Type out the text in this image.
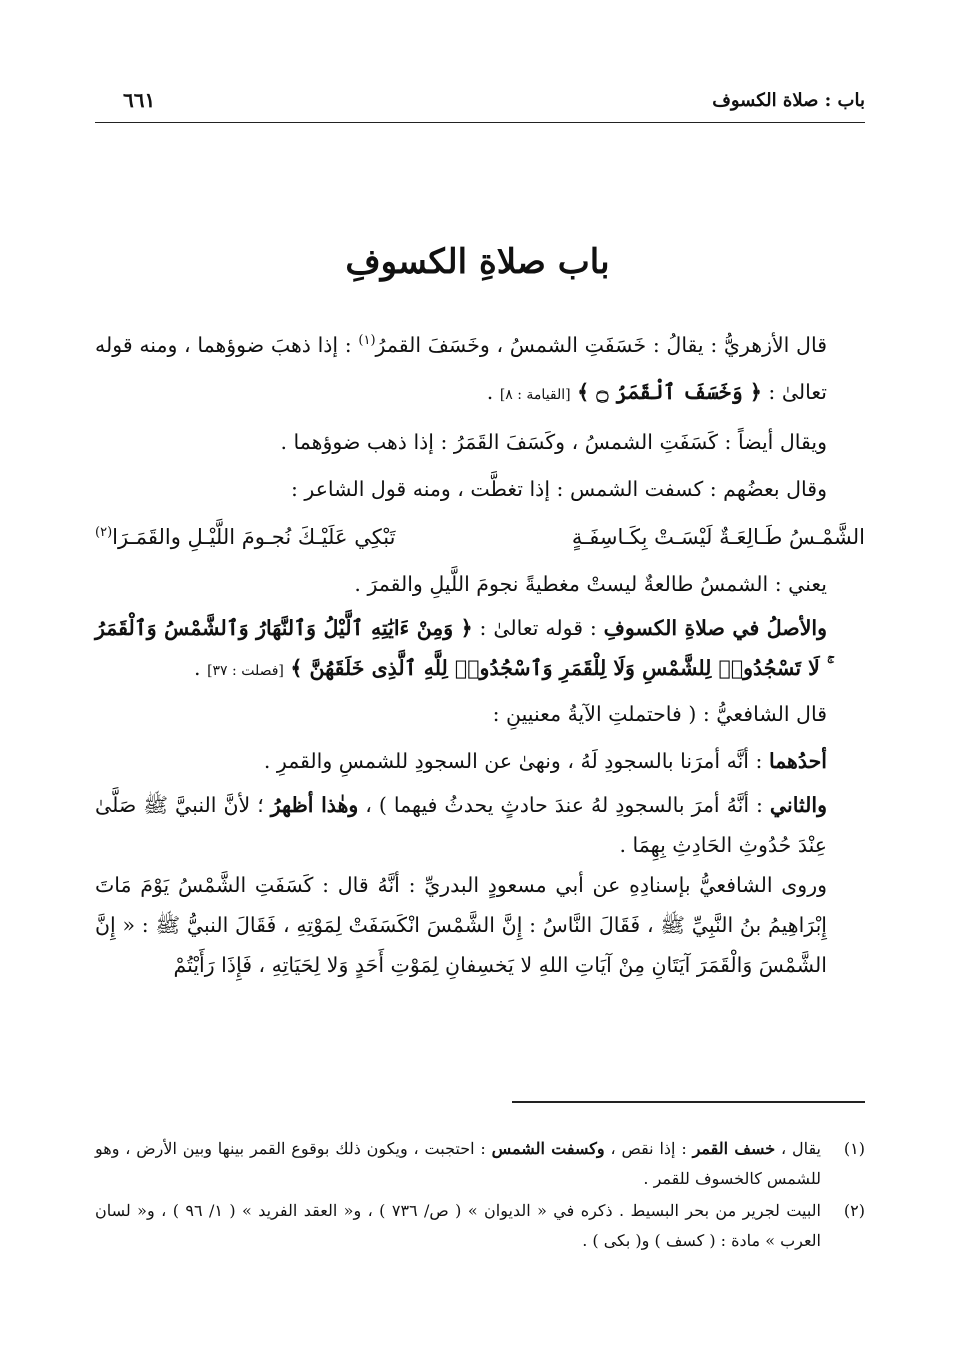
باب : صلاة الكسوف
٦٦١
باب صلاةِ الكسوفِ

قال الأزهريُّ : يقالُ : خَسَفَتِ الشمسُ ، وخَسَفَ القمرُ$^{(١)}$ : إذا ذهبَ ضوؤهما ، ومنه قوله تعالىٰ : ﴿ وَخَسَفَ ٱلْقَمَرُ ۝ ﴾ [القيامة : ٨] .

ويقال أيضاً : كَسَفَتِ الشمسُ ، وكَسَفَ القَمَرُ : إذا ذهب ضوؤهما .

وقال بعضُهم : كسفت الشمس : إذا تغطَّت ، ومنه قول الشاعر :

الشَّمْـسُ طَـالِعَـةٌ لَيْسَـتْ بِكَـاسِفَـةٍ
تَبْكِي عَلَيْـكَ نُجـومَ اللَّيْـلِ والقَمَـرَا$^{(٢)}$

يعني : الشمسُ طالعةٌ ليستْ مغطيةً نجومَ اللَّيلِ والقمرَ .

والأصلُ في صلاةِ الكسوفِ : قوله تعالىٰ : ﴿ وَمِنْ ءَايَٰتِهِ ٱلَّيْلُ وَٱلنَّهَارُ وَٱلشَّمْسُ وَٱلْقَمَرُ ۚ لَا تَسْجُدُوا۟ لِلشَّمْسِ وَلَا لِلْقَمَرِ وَٱسْجُدُوا۟ لِلَّهِ ٱلَّذِى خَلَقَهُنَّ ﴾ [فصلت : ٣٧] .

قال الشافعيُّ : ( فاحتملتِ الآيةُ معنيينِ :

أحدُهما : أنَّه أمرَنا بالسجودِ لَهُ ، ونهىٰ عن السجودِ للشمسِ والقمرِ .

والثاني : أنَّهُ أمرَ بالسجودِ لهُ عندَ حادثٍ يحدثُ فيهما ) ، وهٰذا أظهرُ ؛ لأنَّ النبيَّ ﷺ صَلَّىٰ عِنْدَ حُدُوثِ الحَادِثِ بِهِمَا .

وروى الشافعيُّ بإسنادِهِ عن أبي مسعودٍ البدريِّ : أنَّهُ قال : كَسَفَتِ الشَّمْسُ يَوْمَ مَاتَ إِبْرَاهِيمُ بنُ النَّبِيِّ ﷺ ، فَقَالَ النَّاسُ : إِنَّ الشَّمْسَ انْكَسَفَتْ لِمَوْتِهِ ، فَقَالَ النبيُّ ﷺ : « إِنَّ الشَّمْسَ وَالْقَمَرَ آيَتَانِ مِنْ آيَاتِ اللهِ لا يَخسِفانِ لِمَوْتِ أَحَدٍ وَلا لِحَيَاتِهِ ، فَإِذَا رَأَيْتُمْ

(١)
يقال ، خسف القمر : إذا نقص ، وكسفت الشمس : احتجبت ، ويكون ذلك بوقوع القمر بينها وبين الأرض ، وهو للشمس كالخسوف للقمر .
(٢)
البيت لجرير من بحر البسيط . ذكره في « الديوان » ( ص/ ٧٣٦ ) ، و« العقد الفريد » ( ١/ ٩٦ ) ، و« لسان العرب » مادة : ( كسف ) و( بكى ) .
